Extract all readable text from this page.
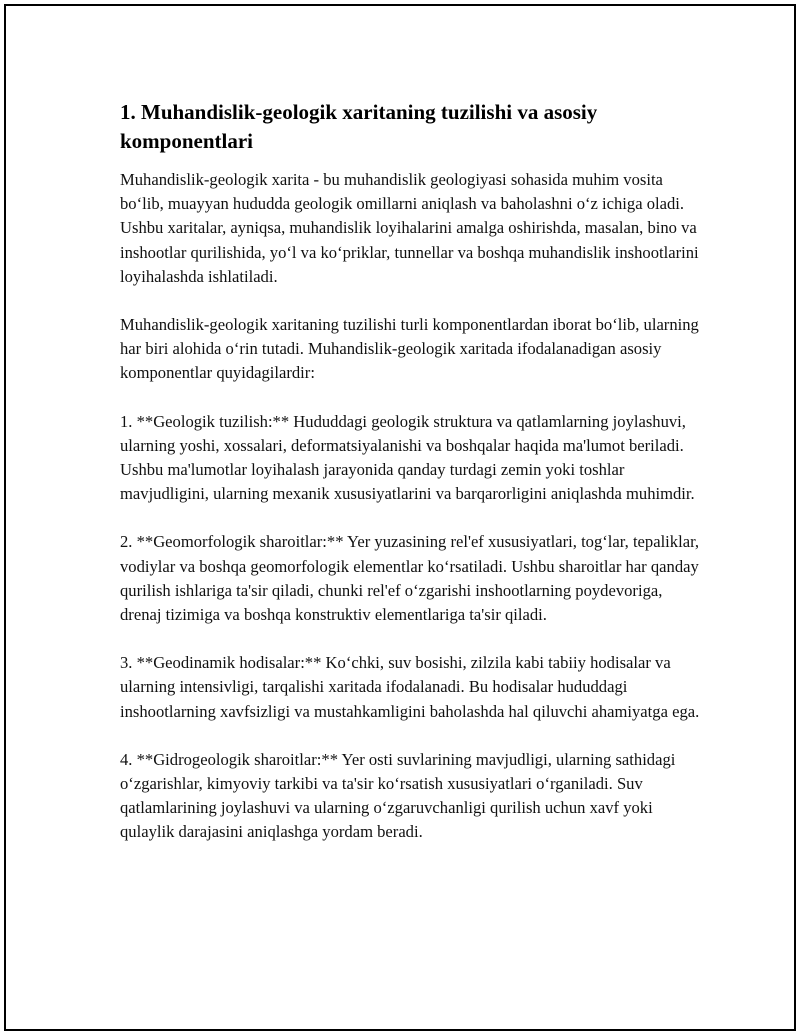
1. Muhandislik-geologik xaritaning tuzilishi va asosiy komponentlari

Muhandislik-geologik xarita - bu muhandislik geologiyasi sohasida muhim vosita bo‘lib, muayyan hududda geologik omillarni aniqlash va baholashni o‘z ichiga oladi. Ushbu xaritalar, ayniqsa, muhandislik loyihalarini amalga oshirishda, masalan, bino va inshootlar qurilishida, yo‘l va ko‘priklar, tunnellar va boshqa muhandislik inshootlarini loyihalashda ishlatiladi.

Muhandislik-geologik xaritaning tuzilishi turli komponentlardan iborat bo‘lib, ularning har biri alohida o‘rin tutadi. Muhandislik-geologik xaritada ifodalanadigan asosiy komponentlar quyidagilardir:

1. **Geologik tuzilish:** Hududdagi geologik struktura va qatlamlarning joylashuvi, ularning yoshi, xossalari, deformatsiyalanishi va boshqalar haqida ma'lumot beriladi. Ushbu ma'lumotlar loyihalash jarayonida qanday turdagi zemin yoki toshlar mavjudligini, ularning mexanik xususiyatlarini va barqarorligini aniqlashda muhimdir.

2. **Geomorfologik sharoitlar:** Yer yuzasining rel'ef xususiyatlari, tog‘lar, tepaliklar, vodiylar va boshqa geomorfologik elementlar ko‘rsatiladi. Ushbu sharoitlar har qanday qurilish ishlariga ta'sir qiladi, chunki rel'ef o‘zgarishi inshootlarning poydevoriga, drenaj tizimiga va boshqa konstruktiv elementlariga ta'sir qiladi.

3. **Geodinamik hodisalar:** Ko‘chki, suv bosishi, zilzila kabi tabiiy hodisalar va ularning intensivligi, tarqalishi xaritada ifodalanadi. Bu hodisalar hududdagi inshootlarning xavfsizligi va mustahkamligini baholashda hal qiluvchi ahamiyatga ega.

4. **Gidrogeologik sharoitlar:** Yer osti suvlarining mavjudligi, ularning sathidagi o‘zgarishlar, kimyoviy tarkibi va ta'sir ko‘rsatish xususiyatlari o‘rganiladi. Suv qatlamlarining joylashuvi va ularning o‘zgaruvchanligi qurilish uchun xavf yoki qulaylik darajasini aniqlashga yordam beradi.
